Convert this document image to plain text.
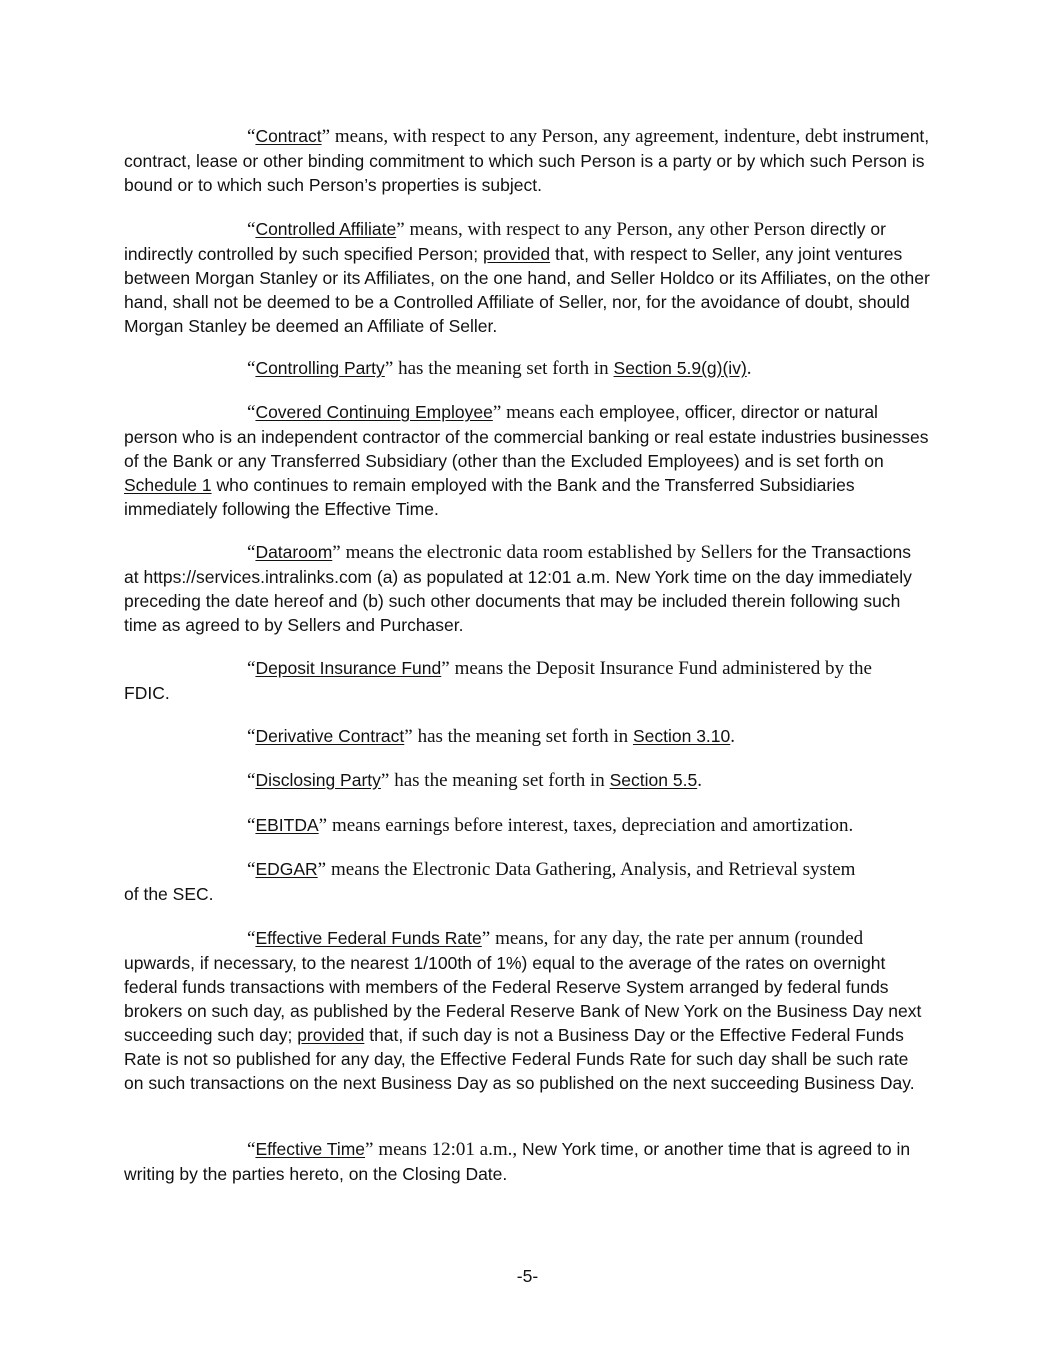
“Contract” means, with respect to any Person, any agreement, indenture, debt instrument, contract, lease or other binding commitment to which such Person is a party or by which such Person is bound or to which such Person’s properties is subject.

“Controlled Affiliate” means, with respect to any Person, any other Person directly or indirectly controlled by such specified Person; provided that, with respect to Seller, any joint ventures between Morgan Stanley or its Affiliates, on the one hand, and Seller Holdco or its Affiliates, on the other hand, shall not be deemed to be a Controlled Affiliate of Seller, nor, for the avoidance of doubt, should Morgan Stanley be deemed an Affiliate of Seller.

“Controlling Party” has the meaning set forth in Section 5.9(g)(iv).

“Covered Continuing Employee” means each employee, officer, director or natural person who is an independent contractor of the commercial banking or real estate industries businesses of the Bank or any Transferred Subsidiary (other than the Excluded Employees) and is set forth on Schedule 1 who continues to remain employed with the Bank and the Transferred Subsidiaries immediately following the Effective Time.

“Dataroom” means the electronic data room established by Sellers for the Transactions at https://services.intralinks.com (a) as populated at 12:01 a.m. New York time on the day immediately preceding the date hereof and (b) such other documents that may be included therein following such time as agreed to by Sellers and Purchaser.

“Deposit Insurance Fund” means the Deposit Insurance Fund administered by the
FDIC.

“Derivative Contract” has the meaning set forth in Section 3.10.

“Disclosing Party” has the meaning set forth in Section 5.5.

“EBITDA” means earnings before interest, taxes, depreciation and amortization.

“EDGAR” means the Electronic Data Gathering, Analysis, and Retrieval system
of the SEC.

“Effective Federal Funds Rate” means, for any day, the rate per annum (rounded upwards, if necessary, to the nearest 1/100th of 1%) equal to the average of the rates on overnight federal funds transactions with members of the Federal Reserve System arranged by federal funds brokers on such day, as published by the Federal Reserve Bank of New York on the Business Day next succeeding such day; provided that, if such day is not a Business Day or the Effective Federal Funds Rate is not so published for any day, the Effective Federal Funds Rate for such day shall be such rate on such transactions on the next Business Day as so published on the next succeeding Business Day.

“Effective Time” means 12:01 a.m., New York time, or another time that is agreed to in writing by the parties hereto, on the Closing Date.

-5-
